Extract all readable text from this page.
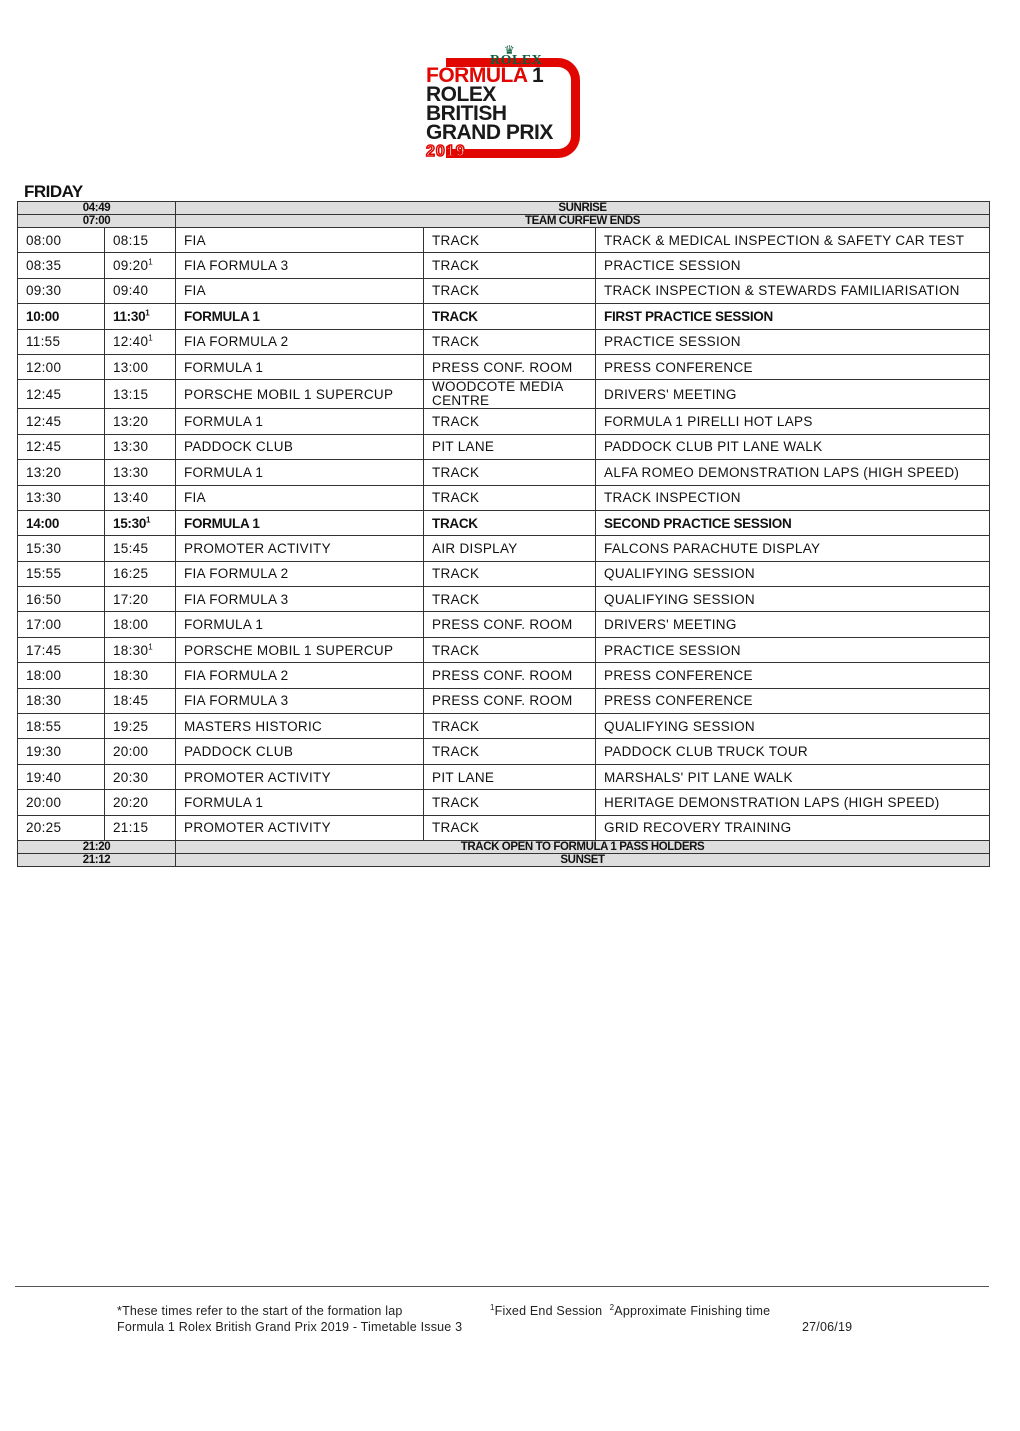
♛
ROLEX
FORMULA 1
ROLEX
BRITISH
GRAND PRIX
2019
FRIDAY
04:49		SUNRISE		
07:00		TEAM CURFEW ENDS		
08:00	08:15	FIA	TRACK	TRACK & MEDICAL INSPECTION & SAFETY CAR TEST
08:35	$09:20^1$	FIA FORMULA 3	TRACK	PRACTICE SESSION
09:30	09:40	FIA	TRACK	TRACK INSPECTION & STEWARDS FAMILIARISATION
10:00	$11:30^1$	FORMULA 1	TRACK	FIRST PRACTICE SESSION
11:55	$12:40^1$	FIA FORMULA 2	TRACK	PRACTICE SESSION
12:00	13:00	FORMULA 1	PRESS CONF. ROOM	PRESS CONFERENCE
12:45	13:15	PORSCHE MOBIL 1 SUPERCUP	WOODCOTE MEDIA CENTRE	DRIVERS' MEETING
12:45	13:20	FORMULA 1	TRACK	FORMULA 1 PIRELLI HOT LAPS
12:45	13:30	PADDOCK CLUB	PIT LANE	PADDOCK CLUB PIT LANE WALK
13:20	13:30	FORMULA 1	TRACK	ALFA ROMEO DEMONSTRATION LAPS (HIGH SPEED)
13:30	13:40	FIA	TRACK	TRACK INSPECTION
14:00	$15:30^1$	FORMULA 1	TRACK	SECOND PRACTICE SESSION
15:30	15:45	PROMOTER ACTIVITY	AIR DISPLAY	FALCONS PARACHUTE DISPLAY
15:55	16:25	FIA FORMULA 2	TRACK	QUALIFYING SESSION
16:50	17:20	FIA FORMULA 3	TRACK	QUALIFYING SESSION
17:00	18:00	FORMULA 1	PRESS CONF. ROOM	DRIVERS' MEETING
17:45	$18:30^1$	PORSCHE MOBIL 1 SUPERCUP	TRACK	PRACTICE SESSION
18:00	18:30	FIA FORMULA 2	PRESS CONF. ROOM	PRESS CONFERENCE
18:30	18:45	FIA FORMULA 3	PRESS CONF. ROOM	PRESS CONFERENCE
18:55	19:25	MASTERS HISTORIC	TRACK	QUALIFYING SESSION
19:30	20:00	PADDOCK CLUB	TRACK	PADDOCK CLUB TRUCK TOUR
19:40	20:30	PROMOTER ACTIVITY	PIT LANE	MARSHALS' PIT LANE WALK
20:00	20:20	FORMULA 1	TRACK	HERITAGE DEMONSTRATION LAPS (HIGH SPEED)
20:25	21:15	PROMOTER ACTIVITY	TRACK	GRID RECOVERY TRAINING
21:20		TRACK OPEN TO FORMULA 1 PASS HOLDERS		
21:12		SUNSET		
*These times refer to the start of the formation lap	$^1$Fixed End Session $^2$Approximate Finishing time
Formula 1 Rolex British Grand Prix 2019 - Timetable Issue 3	27/06/19
